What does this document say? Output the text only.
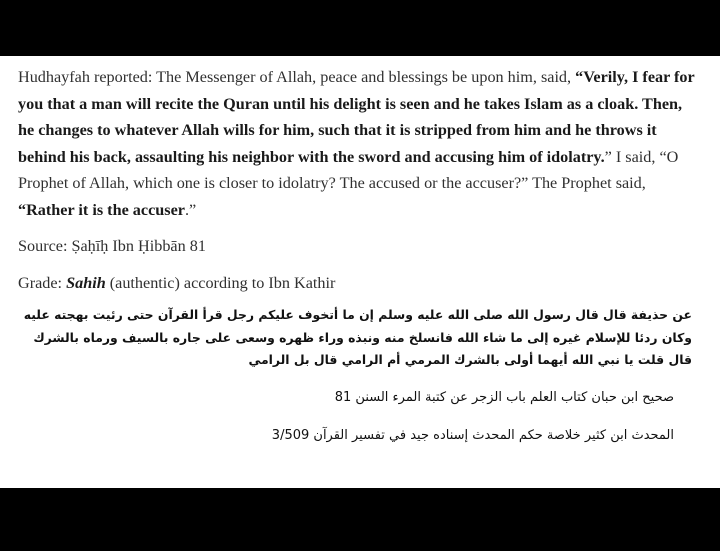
Hudhayfah reported: The Messenger of Allah, peace and blessings be upon him, said, “Verily, I fear for you that a man will recite the Quran until his delight is seen and he takes Islam as a cloak. Then, he changes to whatever Allah wills for him, such that it is stripped from him and he throws it behind his back, assaulting his neighbor with the sword and accusing him of idolatry.” I said, “O Prophet of Allah, which one is closer to idolatry? The accused or the accuser?” The Prophet said, “Rather it is the accuser.”

Source: Ṣaḥīḥ Ibn Ḥibbān 81

Grade: Sahih (authentic) according to Ibn Kathir

عن حذيفة قال قال رسول الله صلى الله عليه وسلم إن ما أتخوف عليكم رجل قرأ القرآن حتى رئيت بهجته عليه وكان ردئا للإسلام غيره إلى ما شاء الله فانسلخ منه ونبذه وراء ظهره وسعى على جاره بالسيف ورماه بالشرك قال قلت يا نبي الله أيهما أولى بالشرك المرمي أم الرامي قال بل الرامي

صحيح ابن حبان كتاب العلم باب الزجر عن كتبة المرء السنن 81

المحدث ابن كثير خلاصة حكم المحدث إسناده جيد في تفسير القرآن 3/509
